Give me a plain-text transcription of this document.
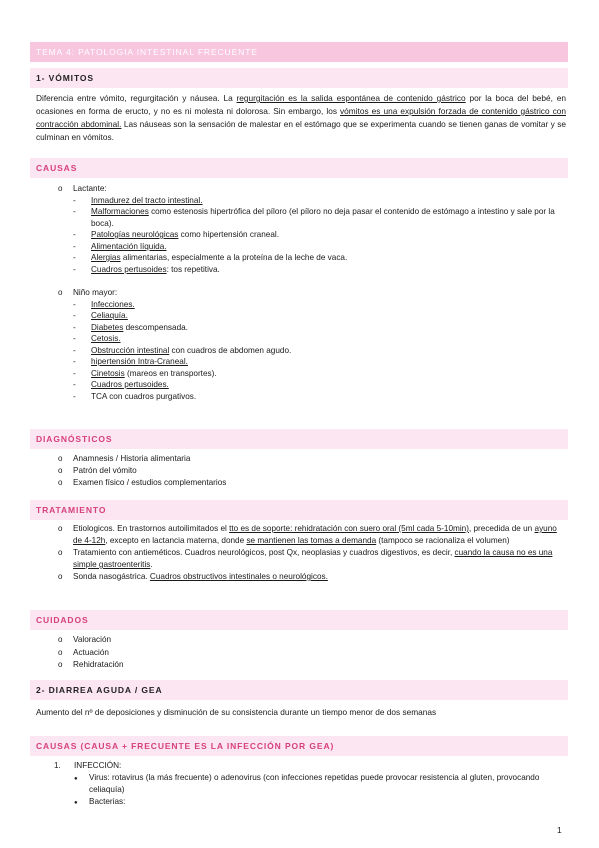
TEMA 4: PATOLOGIA INTESTINAL FRECUENTE
1- VÓMITOS
Diferencia entre vómito, regurgitación y náusea. La regurgitación es la salida espontánea de contenido gástrico por la boca del bebé, en ocasiones en forma de eructo, y no es ni molesta ni dolorosa. Sin embargo, los vómitos es una expulsión forzada de contenido gástrico con contracción abdominal. Las náuseas son la sensación de malestar en el estómago que se experimenta cuando se tienen ganas de vomitar y se culminan en vómitos.
CAUSAS
o Lactante:
- Inmadurez del tracto intestinal.
- Malformaciones como estenosis hipertrófica del píloro (el píloro no deja pasar el contenido de estómago a intestino y sale por la boca).
- Patologías neurológicas como hipertensión craneal.
- Alimentación líquida.
- Alergias alimentarias, especialmente a la proteína de la leche de vaca.
- Cuadros pertusoides: tos repetitiva.
o Niño mayor:
- Infecciones.
- Celiaquía.
- Diabetes descompensada.
- Cetosis.
- Obstrucción intestinal con cuadros de abdomen agudo.
- hipertensión Intra-Craneal.
- Cinetosis (mareos en transportes).
- Cuadros pertusoides.
- TCA con cuadros purgativos.
DIAGNÓSTICOS
o Anamnesis / Historia alimentaria
o Patrón del vómito
o Examen físico / estudios complementarios
TRATAMIENTO
o Etiologicos. En trastornos autoilimitados el tto es de soporte: rehidratación con suero oral (5ml cada 5-10min), precedida de un ayuno de 4-12h, excepto en lactancia materna, donde se mantienen las tomas a demanda (tampoco se racionaliza el volumen)
o Tratamiento con antieméticos. Cuadros neurológicos, post Qx, neoplasias y cuadros digestivos, es decir, cuando la causa no es una simple gastroenteritis.
o Sonda nasogástrica. Cuadros obstructivos intestinales o neurológicos.
CUIDADOS
o Valoración
o Actuación
o Rehidratación
2- DIARREA AGUDA / GEA
Aumento del nº de deposiciones y disminución de su consistencia durante un tiempo menor de dos semanas
CAUSAS (CAUSA + FRECUENTE ES LA INFECCIÓN POR GEA)
1. INFECCIÓN:
● Virus: rotavirus (la más frecuente) o adenovirus (con infecciones repetidas puede provocar resistencia al gluten, provocando celiaquía)
● Bacterias:
1
